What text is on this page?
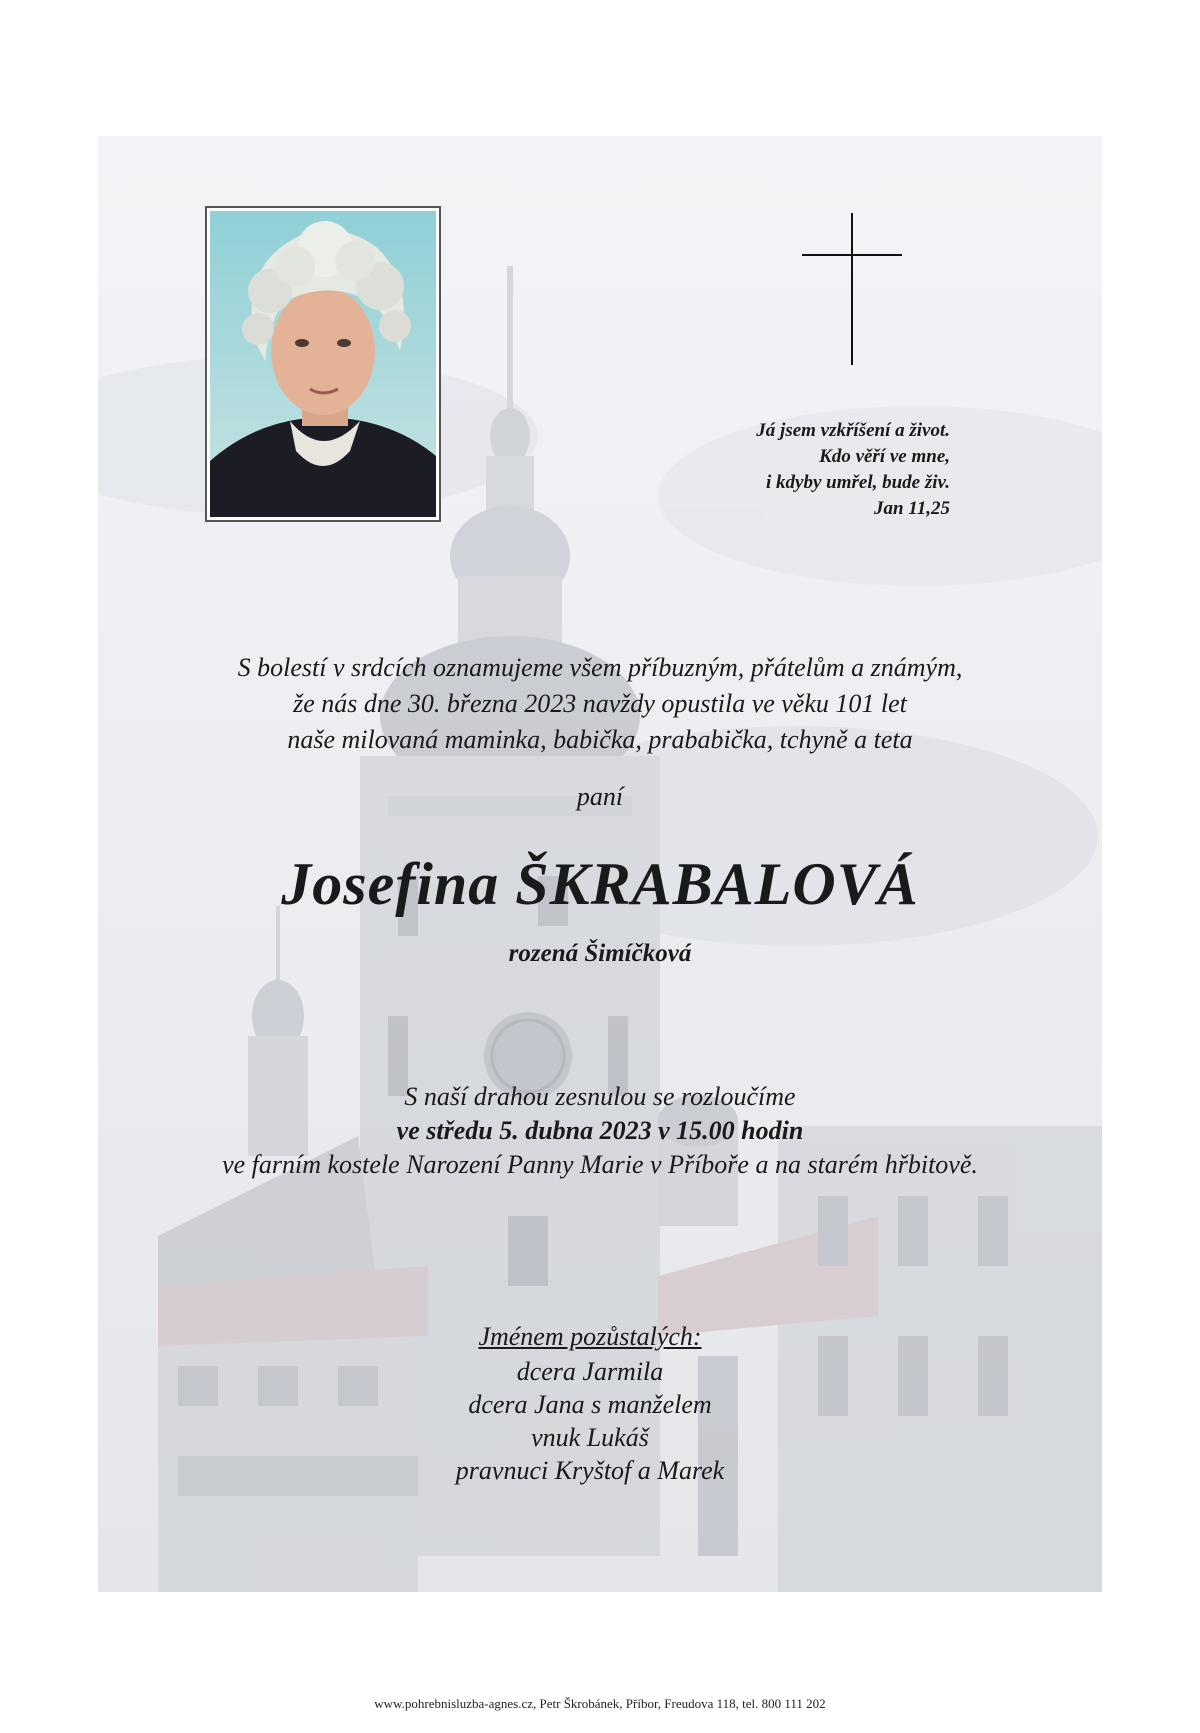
Já jsem vzkříšení a život.
Kdo věří ve mne,
i kdyby umřel, bude živ.
Jan 11,25
S bolestí v srdcích oznamujeme všem příbuzným, přátelům a známým,
že nás dne 30. března 2023 navždy opustila ve věku 101 let
naše milovaná maminka, babička, prababička, tchyně a teta
paní
Josefina ŠKRABALOVÁ
rozená Šimíčková
S naší drahou zesnulou se rozloučíme
ve středu 5. dubna 2023 v 15.00 hodin
ve farním kostele Narození Panny Marie v Příboře a na starém hřbitově.
Jménem pozůstalých:
dcera Jarmila
dcera Jana s manželem
vnuk Lukáš
pravnuci Kryštof a Marek
www.pohrebnisluzba-agnes.cz, Petr Škrobánek, Příbor, Freudova 118, tel. 800 111 202
